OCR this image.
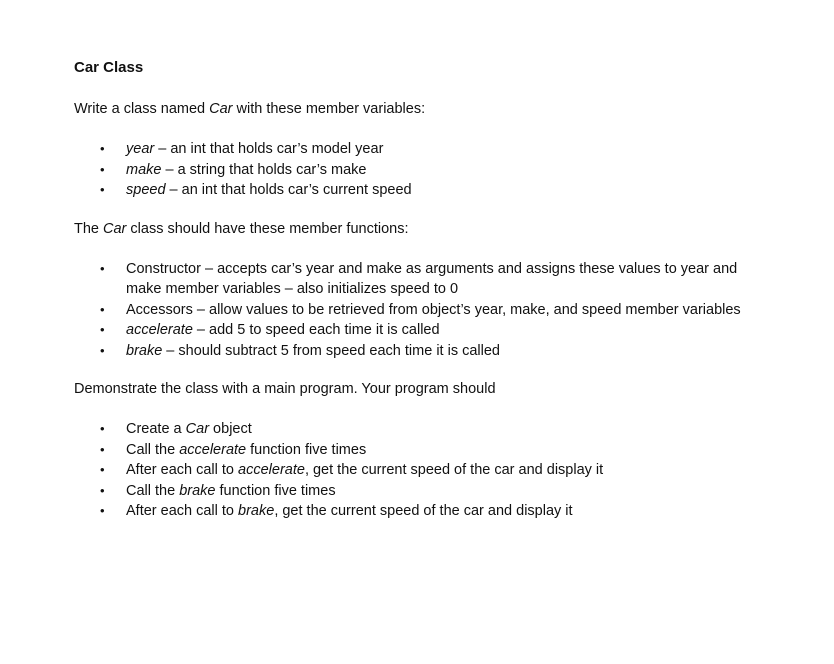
Car Class

Write a class named Car with these member variables:

• year – an int that holds car’s model year
• make – a string that holds car’s make
• speed – an int that holds car’s current speed

The Car class should have these member functions:

• Constructor – accepts car’s year and make as arguments and assigns these values to year and make member variables – also initializes speed to 0
• Accessors – allow values to be retrieved from object’s year, make, and speed member variables
• accelerate – add 5 to speed each time it is called
• brake – should subtract 5 from speed each time it is called

Demonstrate the class with a main program. Your program should

• Create a Car object
• Call the accelerate function five times
• After each call to accelerate, get the current speed of the car and display it
• Call the brake function five times
• After each call to brake, get the current speed of the car and display it
